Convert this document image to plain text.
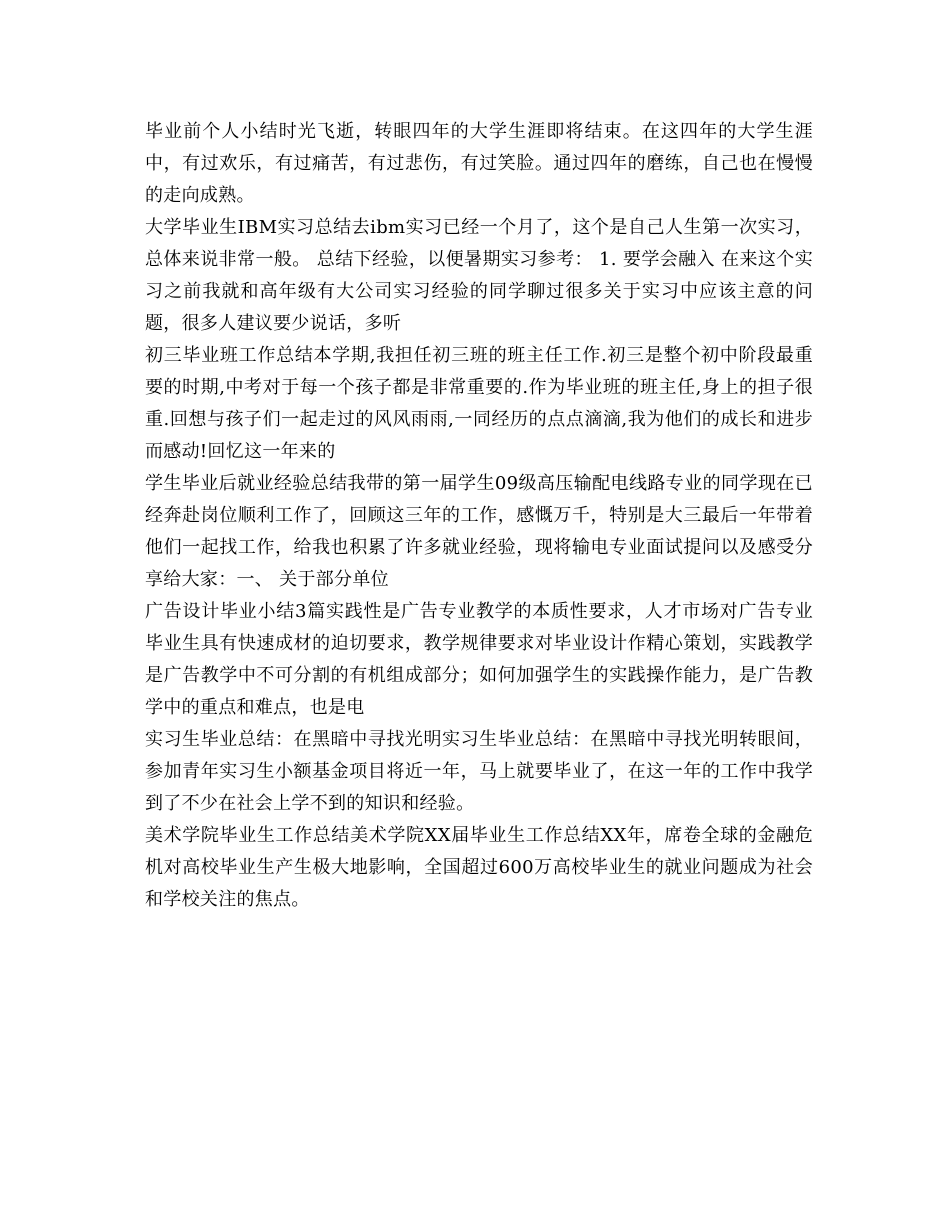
毕业前个人小结时光飞逝，转眼四年的大学生涯即将结束。在这四年的大学生涯中，有过欢乐，有过痛苦，有过悲伤，有过笑脸。通过四年的磨练，自己也在慢慢的走向成熟。

大学毕业生IBM实习总结去ibm实习已经一个月了，这个是自己人生第一次实习，总体来说非常一般。 总结下经验，以便暑期实习参考： 1. 要学会融入 在来这个实习之前我就和高年级有大公司实习经验的同学聊过很多关于实习中应该主意的问题，很多人建议要少说话，多听

初三毕业班工作总结本学期,我担任初三班的班主任工作.初三是整个初中阶段最重要的时期,中考对于每一个孩子都是非常重要的.作为毕业班的班主任,身上的担子很重.回想与孩子们一起走过的风风雨雨,一同经历的点点滴滴,我为他们的成长和进步而感动!回忆这一年来的

学生毕业后就业经验总结我带的第一届学生09级高压输配电线路专业的同学现在已经奔赴岗位顺利工作了，回顾这三年的工作，感慨万千，特别是大三最后一年带着他们一起找工作，给我也积累了许多就业经验，现将输电专业面试提问以及感受分享给大家：一、 关于部分单位

广告设计毕业小结3篇实践性是广告专业教学的本质性要求，人才市场对广告专业毕业生具有快速成材的迫切要求，教学规律要求对毕业设计作精心策划，实践教学是广告教学中不可分割的有机组成部分；如何加强学生的实践操作能力，是广告教学中的重点和难点，也是电

实习生毕业总结：在黑暗中寻找光明实习生毕业总结：在黑暗中寻找光明转眼间，参加青年实习生小额基金项目将近一年，马上就要毕业了，在这一年的工作中我学到了不少在社会上学不到的知识和经验。

美术学院毕业生工作总结美术学院XX届毕业生工作总结XX年，席卷全球的金融危机对高校毕业生产生极大地影响，全国超过600万高校毕业生的就业问题成为社会和学校关注的焦点。
